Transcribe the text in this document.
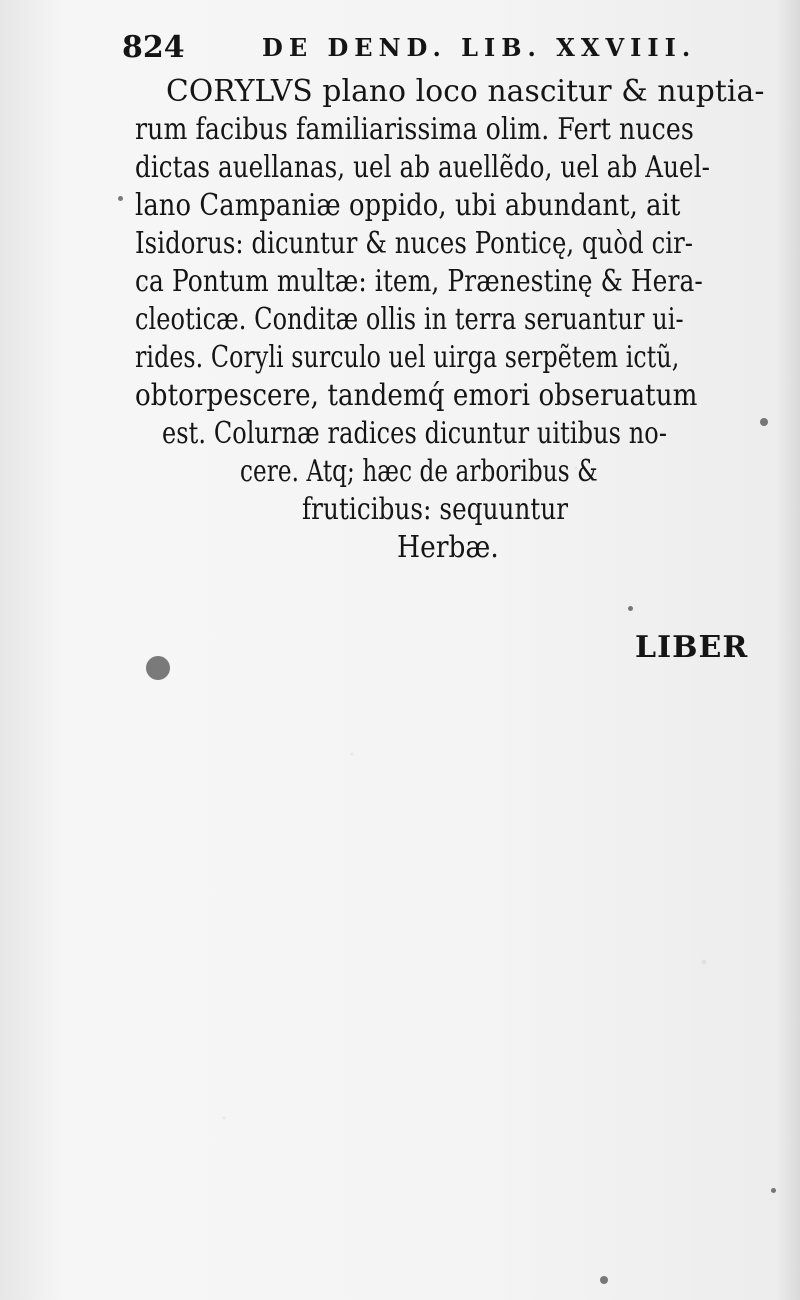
824	DE DEND. LIB. XXVIII.
CORYLVS plano loco nascitur & nuptia-
rum facibus familiarissima olim. Fert nuces
dictas auellanas, uel ab auellẽdo, uel ab Auel-
lano Campaniæ oppido, ubi abundant, ait
Isidorus: dicuntur & nuces Ponticę, quòd cir-
ca Pontum multæ: item, Prænestinę & Hera-
cleoticæ. Conditæ ollis in terra seruantur ui-
rides. Coryli surculo uel uirga serpẽtem ictũ,
obtorpescere, tandemq́ emori obseruatum
est. Colurnæ radices dicuntur uitibus no-
cere. Atq; hæc de arboribus &
fruticibus: sequuntur
Herbæ.
LIBER
